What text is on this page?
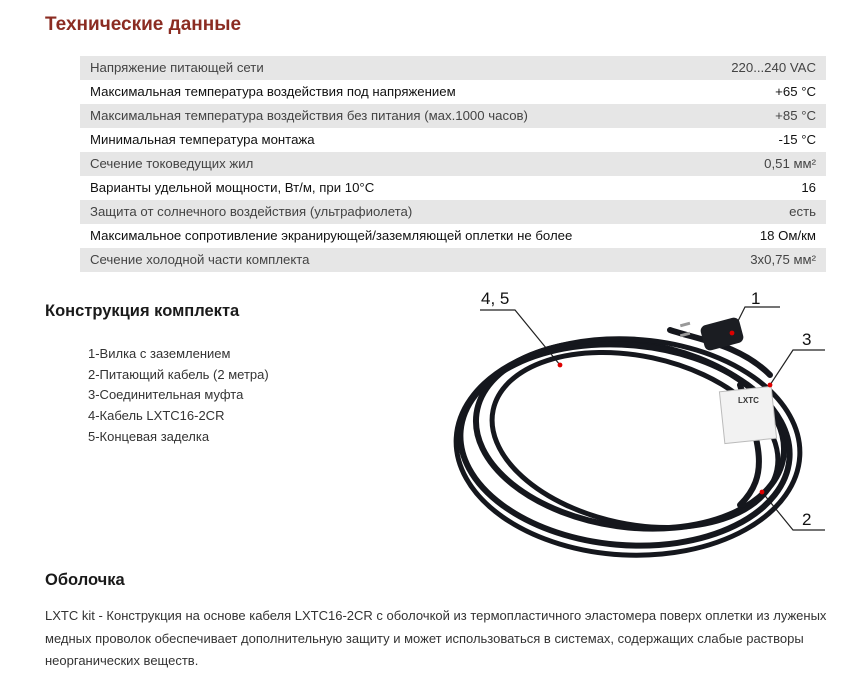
Технические данные
Напряжение питающей сети	220...240 VAC
Максимальная температура воздействия под напряжением	+65 °C
Максимальная температура воздействия без питания (мах.1000 часов)	+85 °C
Минимальная температура монтажа	-15 °C
Сечение токоведущих жил	0,51 мм²
Варианты удельной мощности, Вт/м, при 10°C	16
Защита от солнечного воздействия (ультрафиолета)	есть
Максимальное сопротивление экранирующей/заземляющей оплетки не более	18 Ом/км
Сечение холодной части комплекта	3х0,75 мм²
Конструкция комплекта
1-Вилка с заземлением
2-Питающий кабель (2 метра)
3-Соединительная муфта
4-Кабель LXTC16-2CR
5-Концевая заделка
LXTC
4, 5	1
3
2
Оболочка

LXTC kit - Конструкция на основе кабеля LXTC16-2CR с оболочкой из термопластичного эластомера поверх оплетки из луженых медных проволок обеспечивает дополнительную защиту и может использоваться в системах, содержащих слабые растворы неорганических веществ.
